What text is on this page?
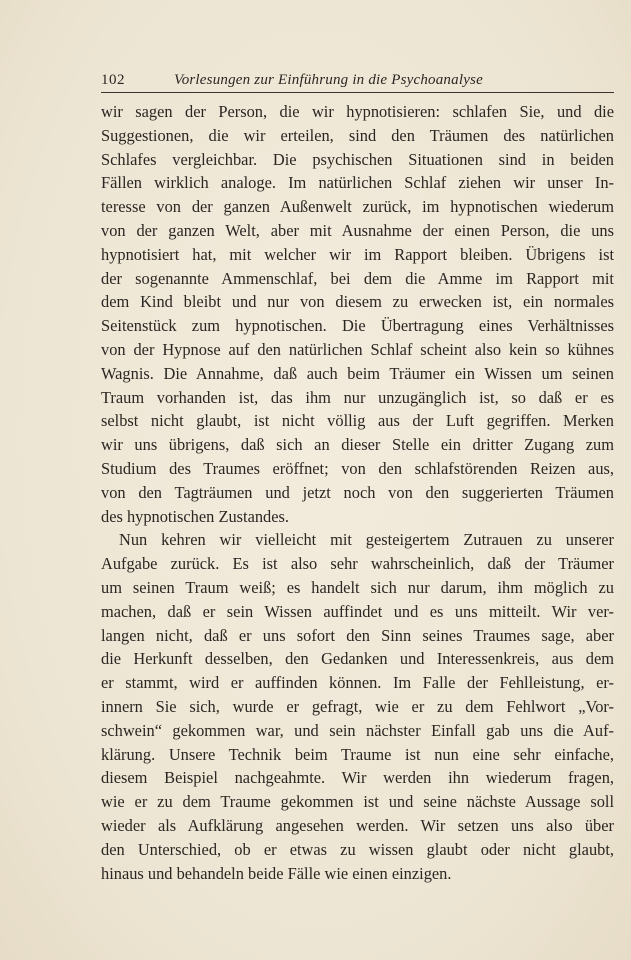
102	Vorlesungen zur Einführung in die Psychoanalyse
wir sagen der Person, die wir hypnotisieren: schlafen Sie, und die
Suggestionen, die wir erteilen, sind den Träumen des natürlichen
Schlafes vergleichbar. Die psychischen Situationen sind in beiden
Fällen wirklich analoge. Im natürlichen Schlaf ziehen wir unser In-
teresse von der ganzen Außenwelt zurück, im hypnotischen wiederum
von der ganzen Welt, aber mit Ausnahme der einen Person, die uns
hypnotisiert hat, mit welcher wir im Rapport bleiben. Übrigens ist
der sogenannte Ammenschlaf, bei dem die Amme im Rapport mit
dem Kind bleibt und nur von diesem zu erwecken ist, ein normales
Seitenstück zum hypnotischen. Die Übertragung eines Verhältnisses
von der Hypnose auf den natürlichen Schlaf scheint also kein so kühnes
Wagnis. Die Annahme, daß auch beim Träumer ein Wissen um seinen
Traum vorhanden ist, das ihm nur unzugänglich ist, so daß er es
selbst nicht glaubt, ist nicht völlig aus der Luft gegriffen. Merken
wir uns übrigens, daß sich an dieser Stelle ein dritter Zugang zum
Studium des Traumes eröffnet; von den schlafstörenden Reizen aus,
von den Tagträumen und jetzt noch von den suggerierten Träumen
des hypnotischen Zustandes.
Nun kehren wir vielleicht mit gesteigertem Zutrauen zu unserer
Aufgabe zurück. Es ist also sehr wahrscheinlich, daß der Träumer
um seinen Traum weiß; es handelt sich nur darum, ihm möglich zu
machen, daß er sein Wissen auffindet und es uns mitteilt. Wir ver-
langen nicht, daß er uns sofort den Sinn seines Traumes sage, aber
die Herkunft desselben, den Gedanken und Interessenkreis, aus dem
er stammt, wird er auffinden können. Im Falle der Fehlleistung, er-
innern Sie sich, wurde er gefragt, wie er zu dem Fehlwort „Vor-
schwein“ gekommen war, und sein nächster Einfall gab uns die Auf-
klärung. Unsere Technik beim Traume ist nun eine sehr einfache,
diesem Beispiel nachgeahmte. Wir werden ihn wiederum fragen,
wie er zu dem Traume gekommen ist und seine nächste Aussage soll
wieder als Aufklärung angesehen werden. Wir setzen uns also über
den Unterschied, ob er etwas zu wissen glaubt oder nicht glaubt,
hinaus und behandeln beide Fälle wie einen einzigen.
